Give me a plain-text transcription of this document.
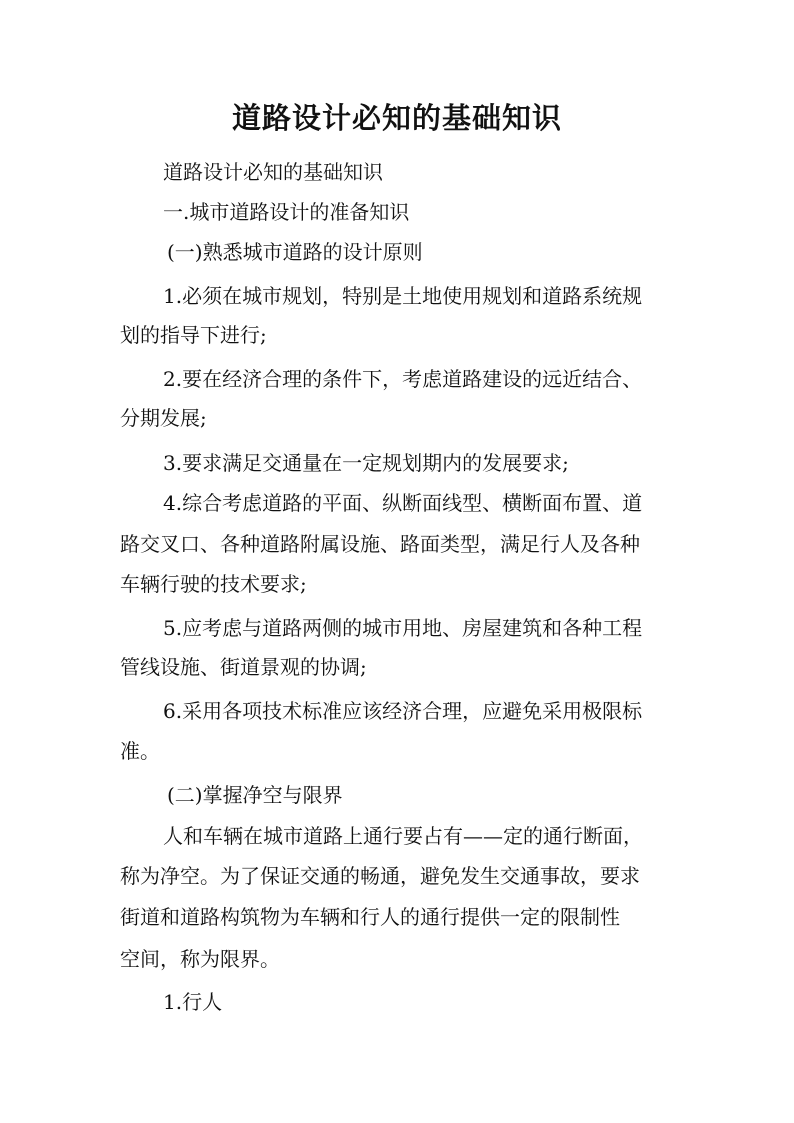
道路设计必知的基础知识
道路设计必知的基础知识
一.城市道路设计的准备知识
(一)熟悉城市道路的设计原则
1.必须在城市规划，特别是土地使用规划和道路系统规
划的指导下进行;
2.要在经济合理的条件下，考虑道路建设的远近结合、
分期发展;
3.要求满足交通量在一定规划期内的发展要求;
4.综合考虑道路的平面、纵断面线型、横断面布置、道
路交叉口、各种道路附属设施、路面类型，满足行人及各种
车辆行驶的技术要求;
5.应考虑与道路两侧的城市用地、房屋建筑和各种工程
管线设施、街道景观的协调;
6.采用各项技术标准应该经济合理，应避免采用极限标
准。
(二)掌握净空与限界
人和车辆在城市道路上通行要占有——定的通行断面，
称为净空。为了保证交通的畅通，避免发生交通事故，要求
街道和道路构筑物为车辆和行人的通行提供一定的限制性
空间，称为限界。
1.行人
